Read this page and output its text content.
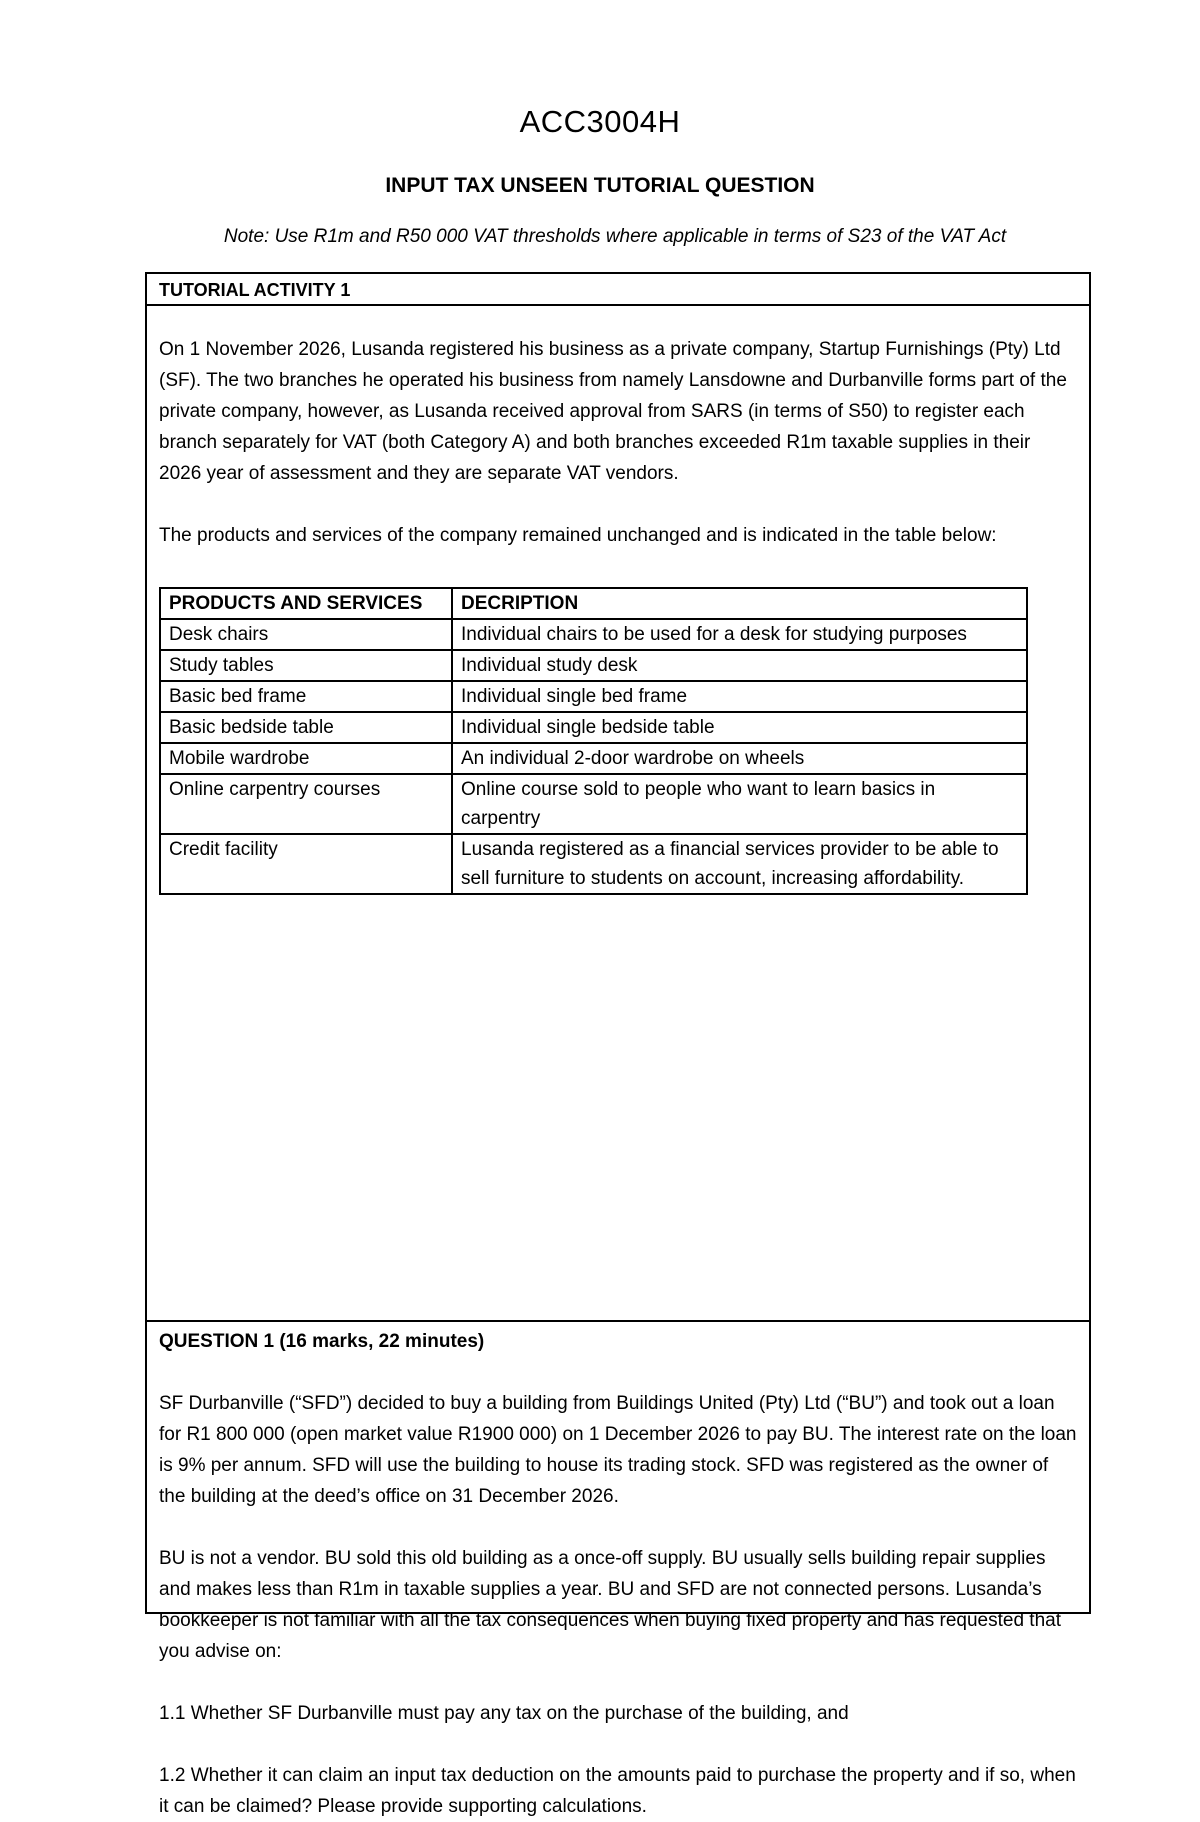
ACC3004H
INPUT TAX UNSEEN TUTORIAL QUESTION
Note: Use R1m and R50 000 VAT thresholds where applicable in terms of S23 of the VAT Act
TUTORIAL ACTIVITY 1

On 1 November 2026, Lusanda registered his business as a private company, Startup Furnishings (Pty) Ltd (SF). The two branches he operated his business from namely Lansdowne and Durbanville forms part of the private company, however, as Lusanda received approval from SARS (in terms of S50) to register each branch separately for VAT (both Category A) and both branches exceeded R1m taxable supplies in their 2026 year of assessment and they are separate VAT vendors.

The products and services of the company remained unchanged and is indicated in the table below:

PRODUCTS AND SERVICES	DECRIPTION
Desk chairs	Individual chairs to be used for a desk for studying purposes
Study tables	Individual study desk
Basic bed frame	Individual single bed frame
Basic bedside table	Individual single bedside table
Mobile wardrobe	An individual 2-door wardrobe on wheels
Online carpentry courses	Online course sold to people who want to learn basics in carpentry
Credit facility	Lusanda registered as a financial services provider to be able to sell furniture to students on account, increasing affordability.

QUESTION 1 (16 marks, 22 minutes)

SF Durbanville (“SFD”) decided to buy a building from Buildings United (Pty) Ltd (“BU”) and took out a loan for R1 800 000 (open market value R1900 000) on 1 December 2026 to pay BU. The interest rate on the loan is 9% per annum. SFD will use the building to house its trading stock. SFD was registered as the owner of the building at the deed’s office on 31 December 2026.

BU is not a vendor. BU sold this old building as a once-off supply. BU usually sells building repair supplies and makes less than R1m in taxable supplies a year. BU and SFD are not connected persons. Lusanda’s bookkeeper is not familiar with all the tax consequences when buying fixed property and has requested that you advise on:

1.1 Whether SF Durbanville must pay any tax on the purchase of the building, and

1.2 Whether it can claim an input tax deduction on the amounts paid to purchase the property and if so, when it can be claimed? Please provide supporting calculations.
